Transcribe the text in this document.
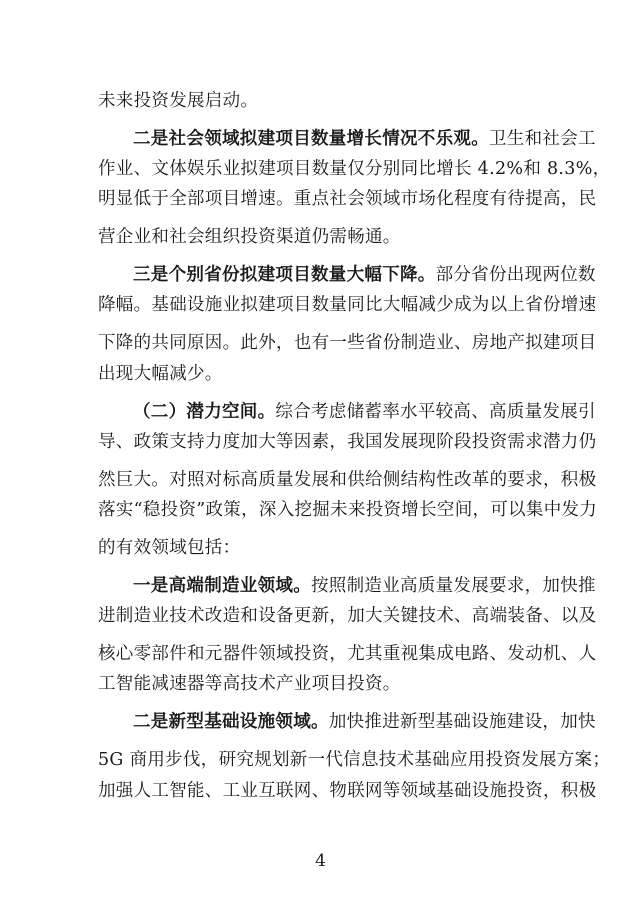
未来投资发展启动。
二是社会领域拟建项目数量增长情况不乐观。卫生和社会工
作业、文体娱乐业拟建项目数量仅分别同比增长 4.2%和 8.3%，
明显低于全部项目增速。重点社会领域市场化程度有待提高，民
营企业和社会组织投资渠道仍需畅通。
三是个别省份拟建项目数量大幅下降。部分省份出现两位数
降幅。基础设施业拟建项目数量同比大幅减少成为以上省份增速
下降的共同原因。此外，也有一些省份制造业、房地产拟建项目
出现大幅减少。
（二）潜力空间。综合考虑储蓄率水平较高、高质量发展引
导、政策支持力度加大等因素，我国发展现阶段投资需求潜力仍
然巨大。对照对标高质量发展和供给侧结构性改革的要求，积极
落实“稳投资”政策，深入挖掘未来投资增长空间，可以集中发力
的有效领域包括：
一是高端制造业领域。按照制造业高质量发展要求，加快推
进制造业技术改造和设备更新，加大关键技术、高端装备、以及
核心零部件和元器件领域投资，尤其重视集成电路、发动机、人
工智能减速器等高技术产业项目投资。
二是新型基础设施领域。加快推进新型基础设施建设，加快
5G 商用步伐，研究规划新一代信息技术基础应用投资发展方案；
加强人工智能、工业互联网、物联网等领域基础设施投资，积极
4
